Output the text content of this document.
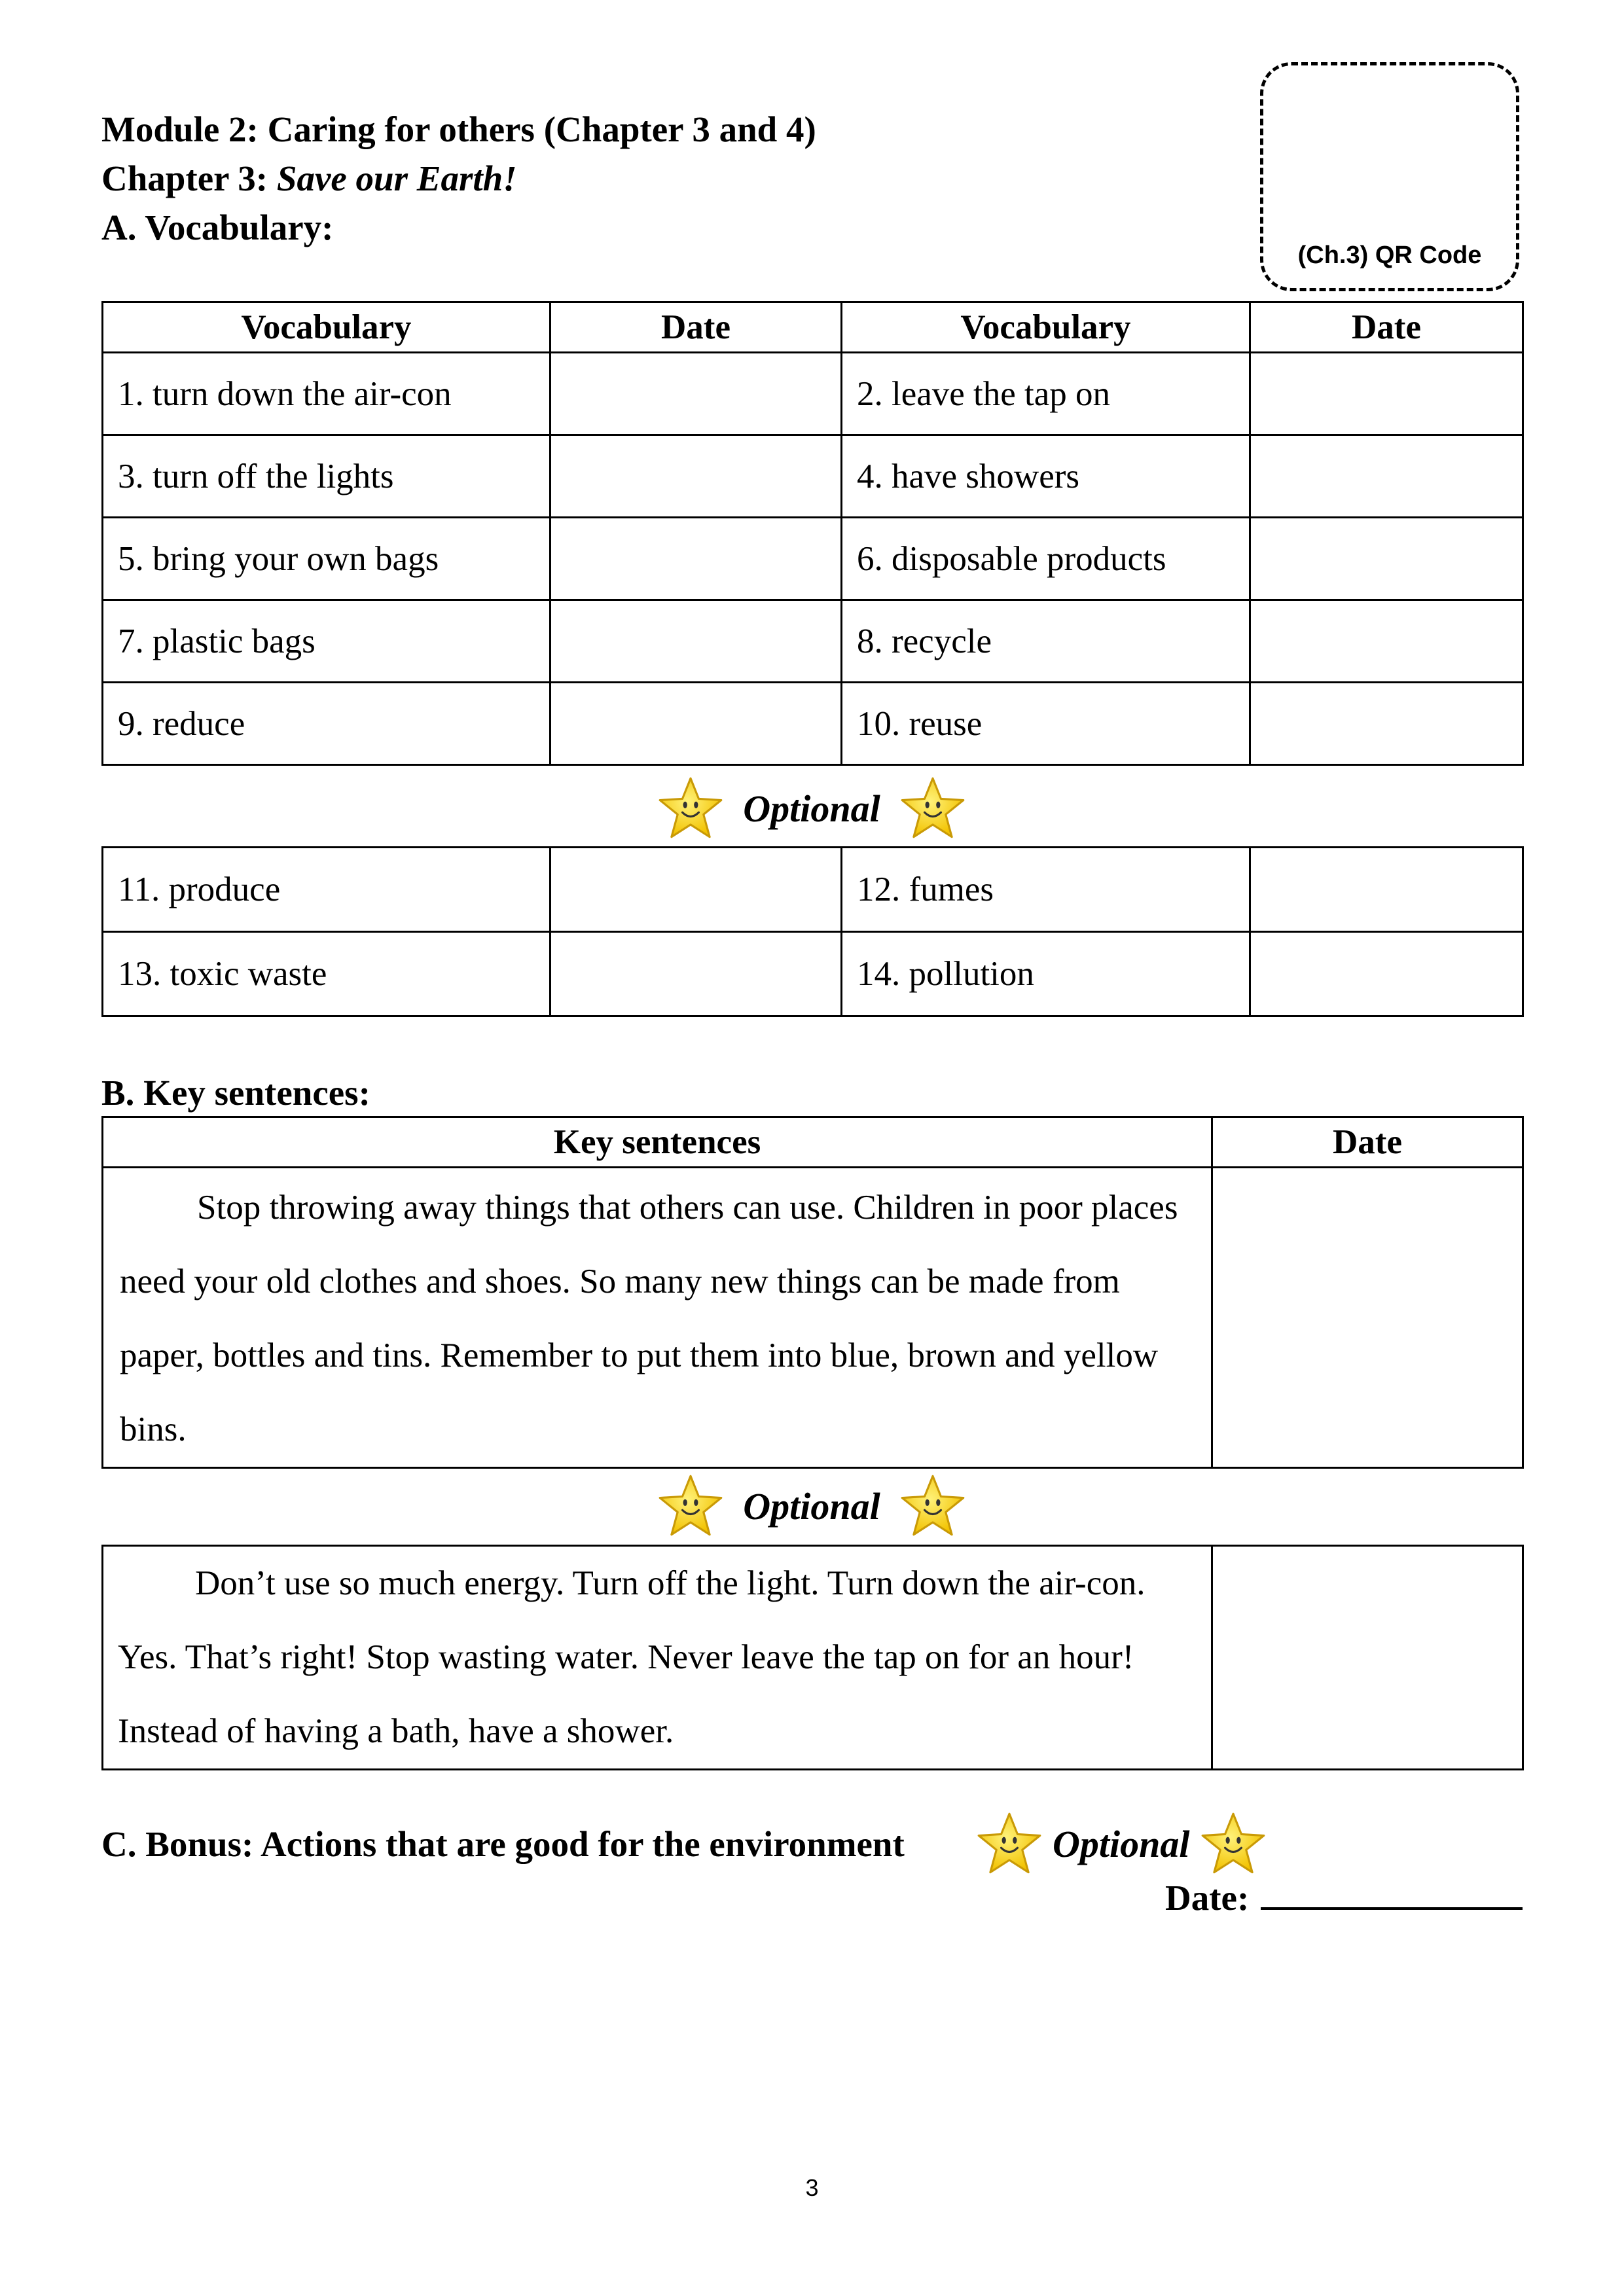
Module 2: Caring for others (Chapter 3 and 4)
Chapter 3: Save our Earth!
A. Vocabulary:
(Ch.3) QR Code
Vocabulary	Date	Vocabulary	Date
1. turn down the air-con		2. leave the tap on	
3. turn off the lights		4. have showers	
5. bring your own bags		6. disposable products	
7. plastic bags		8. recycle	
9. reduce		10. reuse	
Optional
11. produce		12. fumes	
13. toxic waste		14. pollution	
B. Key sentences:
Key sentences	Date

Stop throwing away things that others can use. Children in poor places need your old clothes and shoes. So many new things can be made from paper, bottles and tins. Remember to put them into blue, brown and yellow bins.	

Optional
Don’t use so much energy. Turn off the light. Turn down the air-con. Yes. That’s right! Stop wasting water. Never leave the tap on for an hour! Instead of having a bath, have a shower.

C. Bonus: Actions that are good for the environment	Optional
Date:
3
